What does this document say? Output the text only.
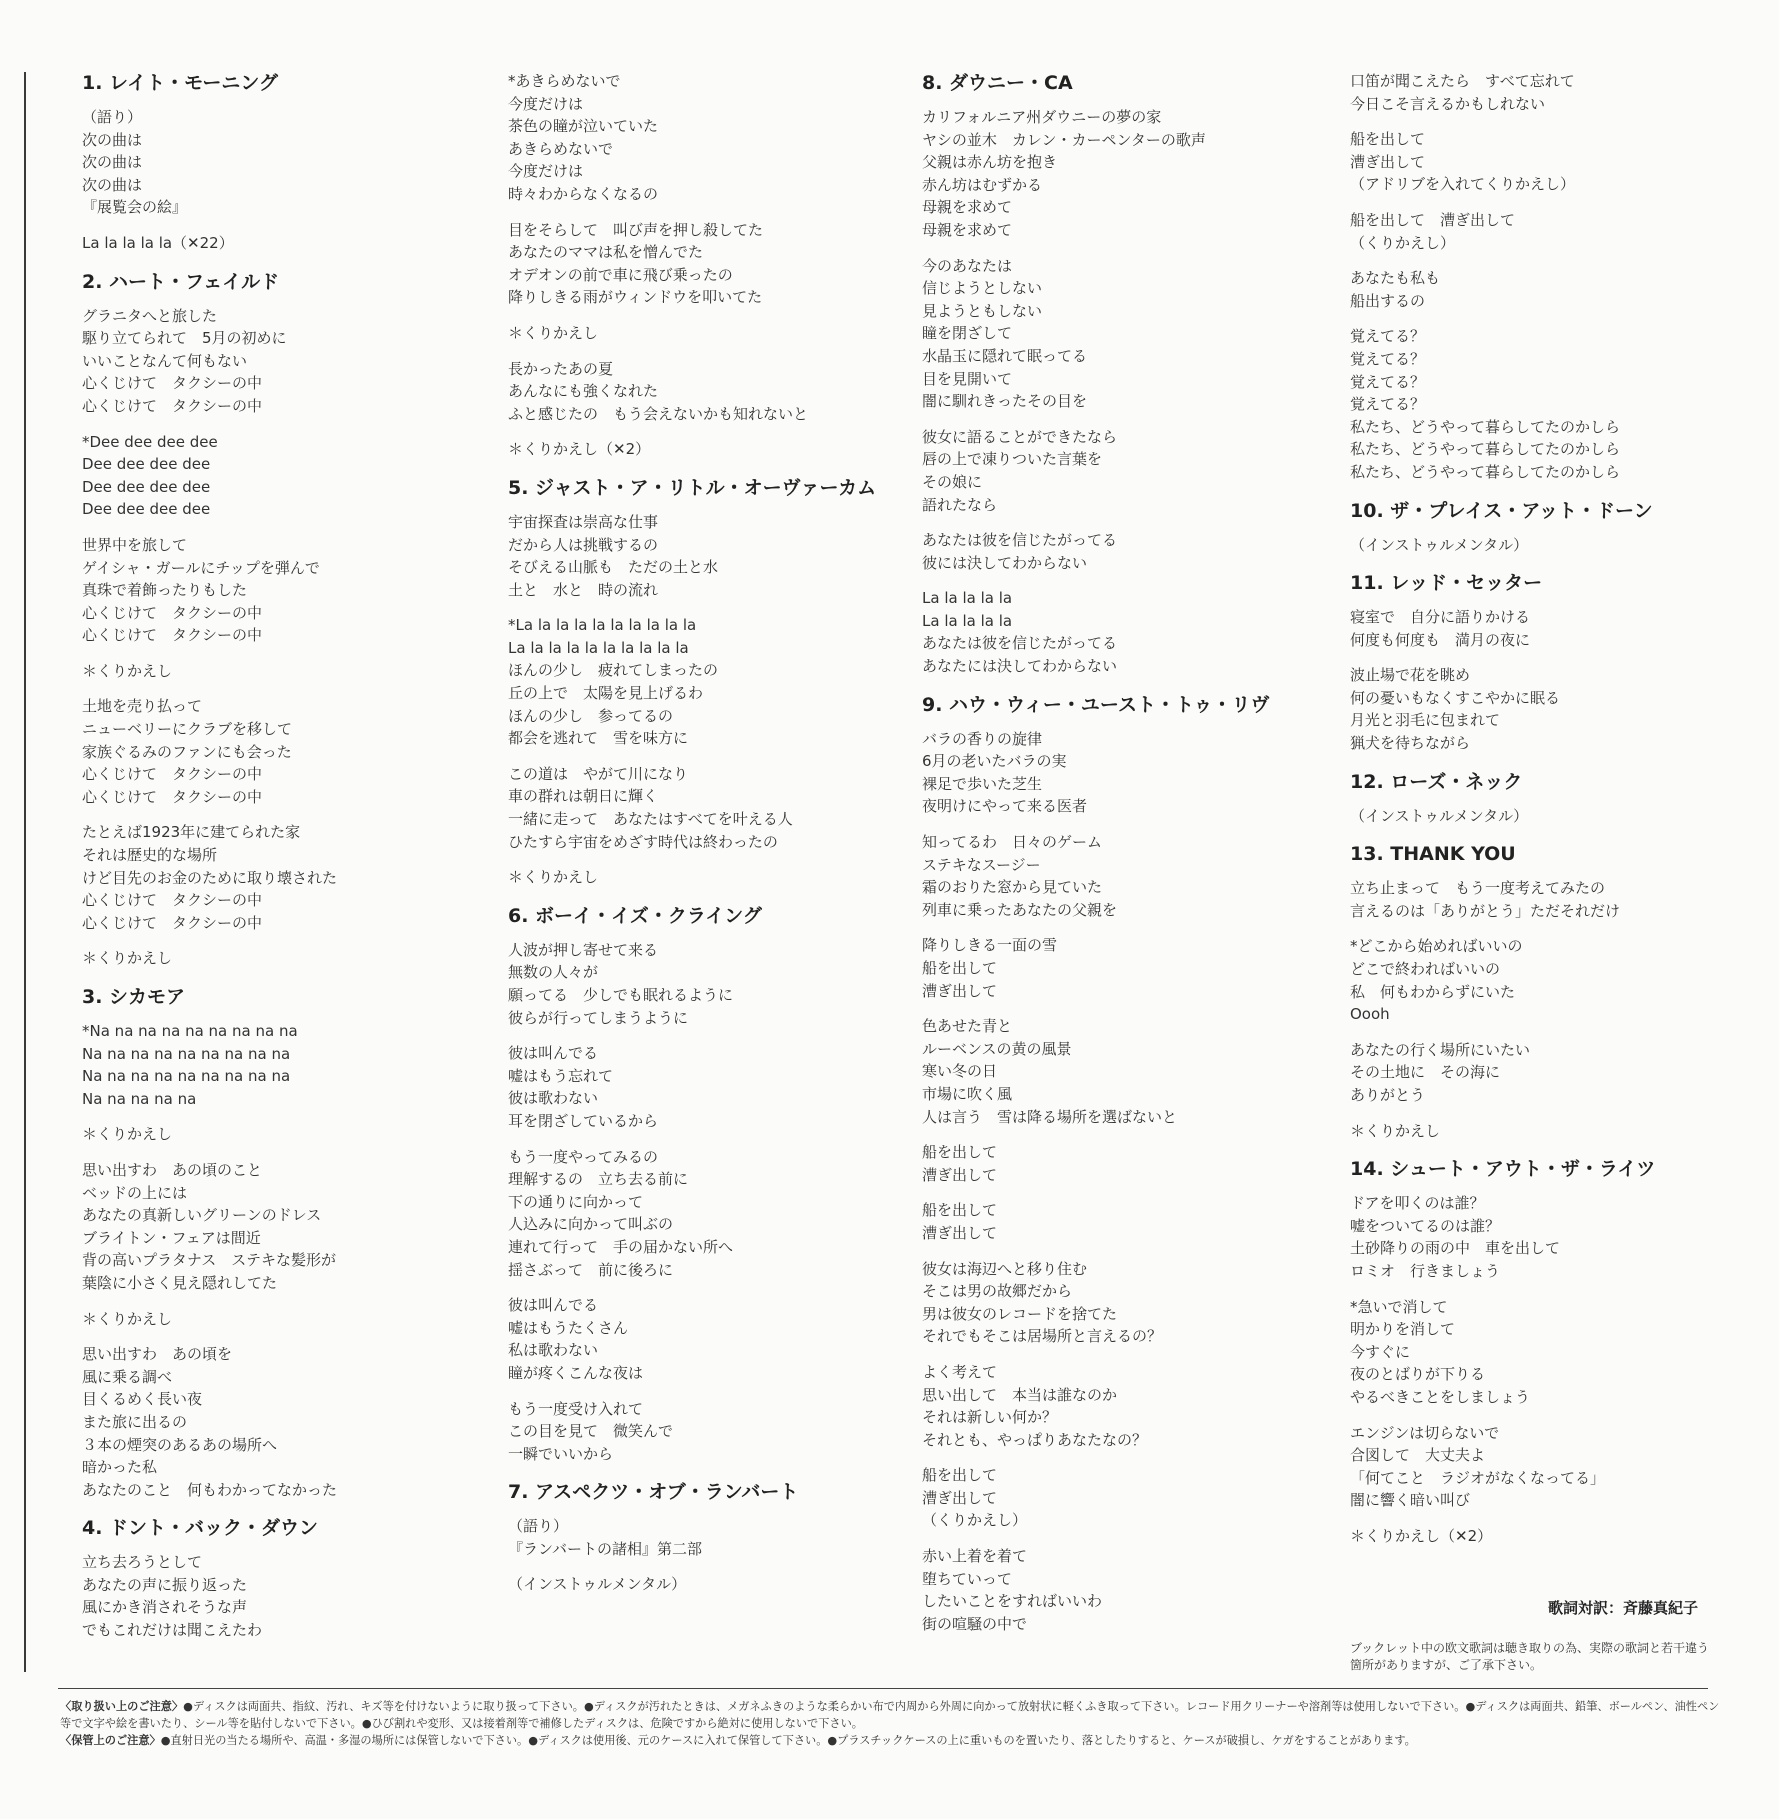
1. レイト・モーニング
（語り）
次の曲は
次の曲は
次の曲は
『展覧会の絵』
La la la la la（✕22）
2. ハート・フェイルド
グラニタへと旅した
駆り立てられて　5月の初めに
いいことなんて何もない
心くじけて　タクシーの中
心くじけて　タクシーの中
*Dee dee dee dee
Dee dee dee dee
Dee dee dee dee
Dee dee dee dee
世界中を旅して
ゲイシャ・ガールにチップを弾んで
真珠で着飾ったりもした
心くじけて　タクシーの中
心くじけて　タクシーの中
＊くりかえし
土地を売り払って
ニューベリーにクラブを移して
家族ぐるみのファンにも会った
心くじけて　タクシーの中
心くじけて　タクシーの中
たとえば1923年に建てられた家
それは歴史的な場所
けど目先のお金のために取り壊された
心くじけて　タクシーの中
心くじけて　タクシーの中
＊くりかえし
3. シカモア
*Na na na na na na na na na
Na na na na na na na na na
Na na na na na na na na na
Na na na na na
＊くりかえし
思い出すわ　あの頃のこと
ベッドの上には
あなたの真新しいグリーンのドレス
ブライトン・フェアは間近
背の高いプラタナス　ステキな髪形が
葉陰に小さく見え隠れしてた
＊くりかえし
思い出すわ　あの頃を
風に乗る調べ
目くるめく長い夜
また旅に出るの
３本の煙突のあるあの場所へ
暗かった私
あなたのこと　何もわかってなかった
4. ドント・バック・ダウン
立ち去ろうとして
あなたの声に振り返った
風にかき消されそうな声
でもこれだけは聞こえたわ
*あきらめないで
今度だけは
茶色の瞳が泣いていた
あきらめないで
今度だけは
時々わからなくなるの
目をそらして　叫び声を押し殺してた
あなたのママは私を憎んでた
オデオンの前で車に飛び乗ったの
降りしきる雨がウィンドウを叩いてた
＊くりかえし
長かったあの夏
あんなにも強くなれた
ふと感じたの　もう会えないかも知れないと
＊くりかえし（✕2）
5. ジャスト・ア・リトル・オーヴァーカム
宇宙探査は崇高な仕事
だから人は挑戦するの
そびえる山脈も　ただの土と水
土と　水と　時の流れ
*La la la la la la la la la la
La la la la la la la la la la
ほんの少し　疲れてしまったの
丘の上で　太陽を見上げるわ
ほんの少し　参ってるの
都会を逃れて　雪を味方に
この道は　やがて川になり
車の群れは朝日に輝く
一緒に走って　あなたはすべてを叶える人
ひたすら宇宙をめざす時代は終わったの
＊くりかえし
6. ボーイ・イズ・クライング
人波が押し寄せて来る
無数の人々が
願ってる　少しでも眠れるように
彼らが行ってしまうように
彼は叫んでる
嘘はもう忘れて
彼は歌わない
耳を閉ざしているから
もう一度やってみるの
理解するの　立ち去る前に
下の通りに向かって
人込みに向かって叫ぶの
連れて行って　手の届かない所へ
揺さぶって　前に後ろに
彼は叫んでる
嘘はもうたくさん
私は歌わない
瞳が疼くこんな夜は
もう一度受け入れて
この目を見て　微笑んで
一瞬でいいから
7. アスペクツ・オブ・ランバート
（語り）
『ランバートの諸相』第二部
（インストゥルメンタル）
8. ダウニー・CA
カリフォルニア州ダウニーの夢の家
ヤシの並木　カレン・カーペンターの歌声
父親は赤ん坊を抱き
赤ん坊はむずかる
母親を求めて
母親を求めて
今のあなたは
信じようとしない
見ようともしない
瞳を閉ざして
水晶玉に隠れて眠ってる
目を見開いて
闇に馴れきったその目を
彼女に語ることができたなら
唇の上で凍りついた言葉を
その娘に
語れたなら
あなたは彼を信じたがってる
彼には決してわからない
La la la la la
La la la la la
あなたは彼を信じたがってる
あなたには決してわからない
9. ハウ・ウィー・ユースト・トゥ・リヴ
バラの香りの旋律
6月の老いたバラの実
裸足で歩いた芝生
夜明けにやって来る医者
知ってるわ　日々のゲーム
ステキなスージー
霜のおりた窓から見ていた
列車に乗ったあなたの父親を
降りしきる一面の雪
船を出して
漕ぎ出して
色あせた青と
ルーベンスの黄の風景
寒い冬の日
市場に吹く風
人は言う　雪は降る場所を選ばないと
船を出して
漕ぎ出して
船を出して
漕ぎ出して
彼女は海辺へと移り住む
そこは男の故郷だから
男は彼女のレコードを捨てた
それでもそこは居場所と言えるの？
よく考えて
思い出して　本当は誰なのか
それは新しい何か？
それとも、やっぱりあなたなの？
船を出して
漕ぎ出して
（くりかえし）
赤い上着を着て
堕ちていって
したいことをすればいいわ
街の喧騒の中で
口笛が聞こえたら　すべて忘れて
今日こそ言えるかもしれない
船を出して
漕ぎ出して
（アドリブを入れてくりかえし）
船を出して　漕ぎ出して
（くりかえし）
あなたも私も
船出するの
覚えてる？
覚えてる？
覚えてる？
覚えてる？
私たち、どうやって暮らしてたのかしら
私たち、どうやって暮らしてたのかしら
私たち、どうやって暮らしてたのかしら
10. ザ・プレイス・アット・ドーン
（インストゥルメンタル）
11. レッド・セッター
寝室で　自分に語りかける
何度も何度も　満月の夜に
波止場で花を眺め
何の憂いもなくすこやかに眠る
月光と羽毛に包まれて
猟犬を待ちながら
12. ローズ・ネック
（インストゥルメンタル）
13. THANK YOU
立ち止まって　もう一度考えてみたの
言えるのは「ありがとう」ただそれだけ
*どこから始めればいいの
どこで終わればいいの
私　何もわからずにいた
Oooh
あなたの行く場所にいたい
その土地に　その海に
ありがとう
＊くりかえし
14. シュート・アウト・ザ・ライツ
ドアを叩くのは誰？
嘘をついてるのは誰？
土砂降りの雨の中　車を出して
ロミオ　行きましょう
*急いで消して
明かりを消して
今すぐに
夜のとばりが下りる
やるべきことをしましょう
エンジンは切らないで
合図して　大丈夫よ
「何てこと　ラジオがなくなってる」
闇に響く暗い叫び
＊くりかえし（✕2）
歌詞対訳：斉藤真紀子
ブックレット中の欧文歌詞は聴き取りの為、実際の歌詞と若干違う箇所がありますが、ご了承下さい。
〈取り扱い上のご注意〉●ディスクは両面共、指紋、汚れ、キズ等を付けないように取り扱って下さい。●ディスクが汚れたときは、メガネふきのような柔らかい布で内周から外周に向かって放射状に軽くふき取って下さい。レコード用クリーナーや溶剤等は使用しないで下さい。●ディスクは両面共、鉛筆、ボールペン、油性ペン等で文字や絵を書いたり、シール等を貼付しないで下さい。●ひび割れや変形、又は接着剤等で補修したディスクは、危険ですから絶対に使用しないで下さい。
〈保管上のご注意〉●直射日光の当たる場所や、高温・多湿の場所には保管しないで下さい。●ディスクは使用後、元のケースに入れて保管して下さい。●プラスチックケースの上に重いものを置いたり、落としたりすると、ケースが破損し、ケガをすることがあります。
